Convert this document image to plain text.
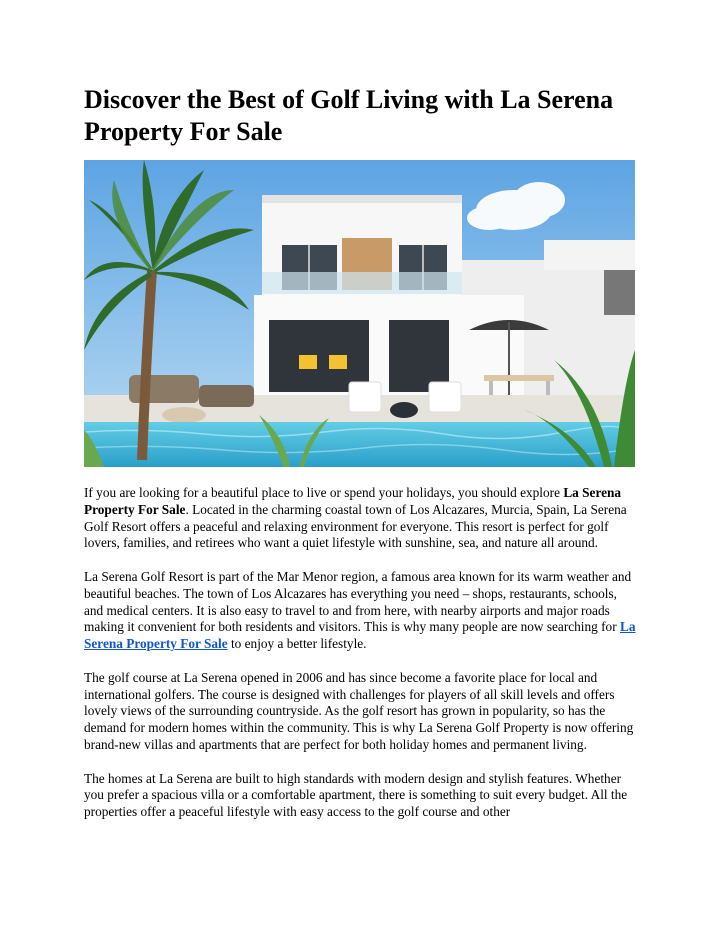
Discover the Best of Golf Living with La Serena Property For Sale

If you are looking for a beautiful place to live or spend your holidays, you should explore La Serena Property For Sale. Located in the charming coastal town of Los Alcazares, Murcia, Spain, La Serena Golf Resort offers a peaceful and relaxing environment for everyone. This resort is perfect for golf lovers, families, and retirees who want a quiet lifestyle with sunshine, sea, and nature all around.

La Serena Golf Resort is part of the Mar Menor region, a famous area known for its warm weather and beautiful beaches. The town of Los Alcazares has everything you need – shops, restaurants, schools, and medical centers. It is also easy to travel to and from here, with nearby airports and major roads making it convenient for both residents and visitors. This is why many people are now searching for La Serena Property For Sale to enjoy a better lifestyle.

The golf course at La Serena opened in 2006 and has since become a favorite place for local and international golfers. The course is designed with challenges for players of all skill levels and offers lovely views of the surrounding countryside. As the golf resort has grown in popularity, so has the demand for modern homes within the community. This is why La Serena Golf Property is now offering brand-new villas and apartments that are perfect for both holiday homes and permanent living.

The homes at La Serena are built to high standards with modern design and stylish features. Whether you prefer a spacious villa or a comfortable apartment, there is something to suit every budget. All the properties offer a peaceful lifestyle with easy access to the golf course and other
